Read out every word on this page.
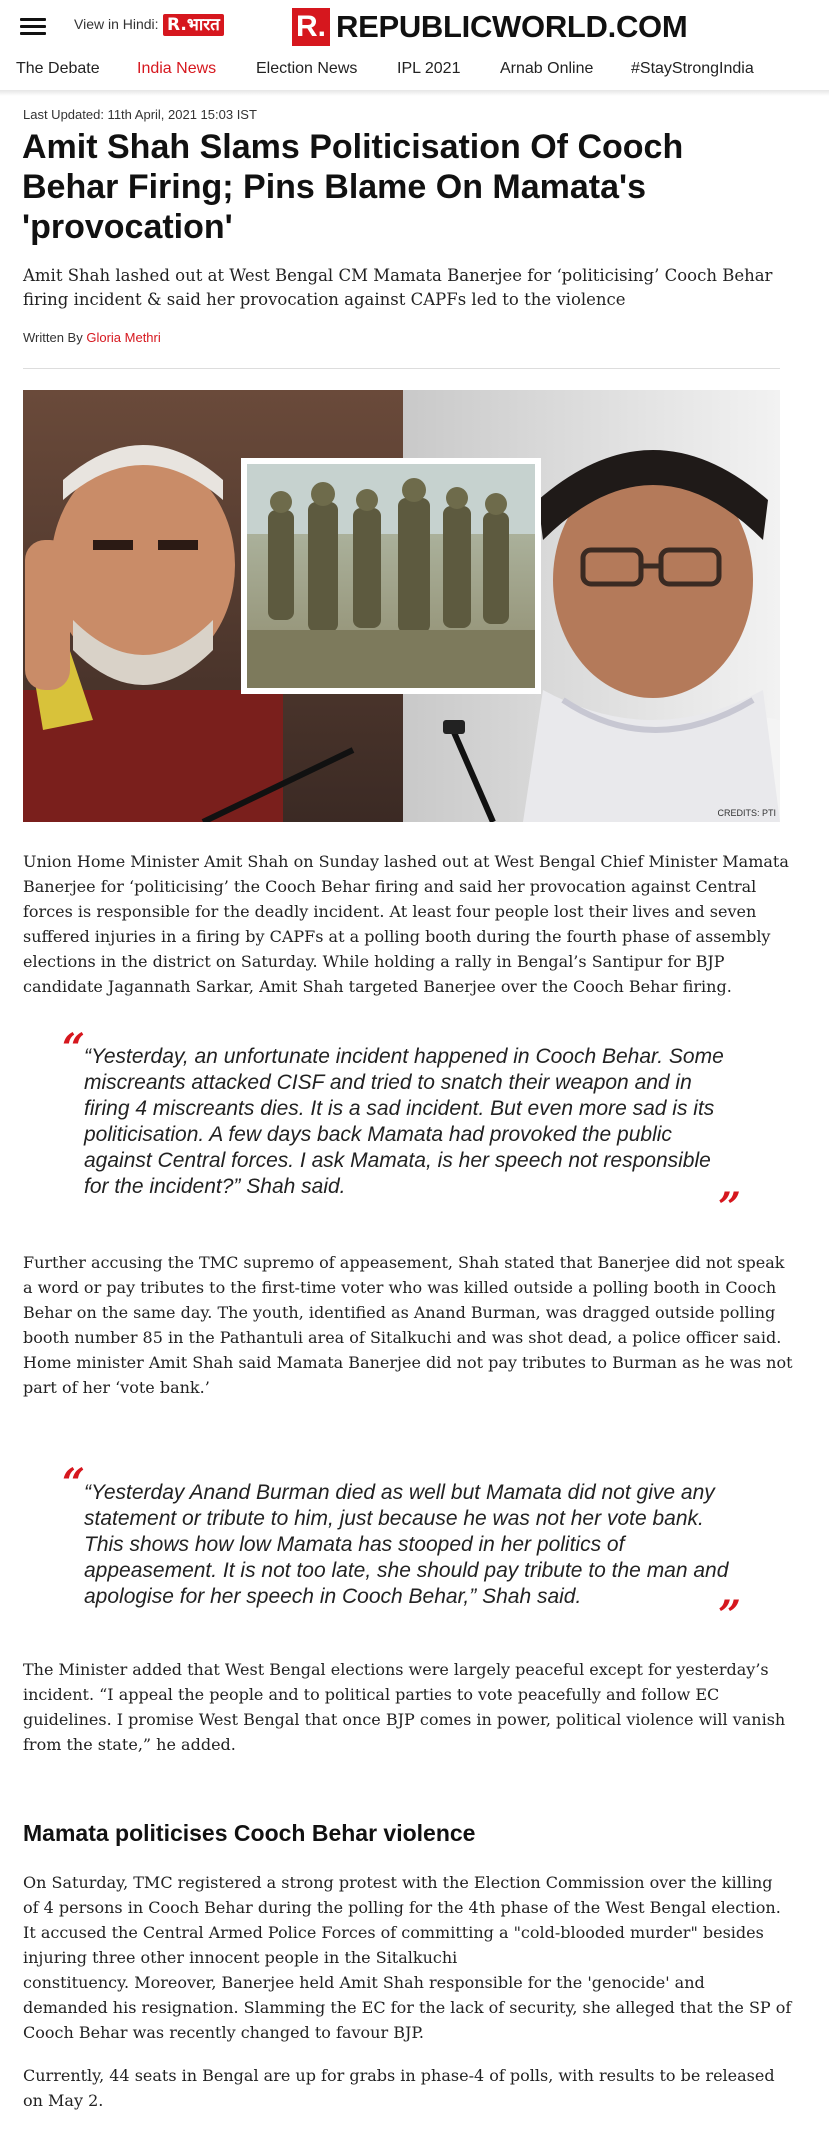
View in Hindi: R.भारत	R. REPUBLICWORLD.COM
The Debate India News Election News IPL 2021 Arnab Online #StayStrongIndia
Last Updated: 11th April, 2021 15:03 IST
Amit Shah Slams Politicisation Of Cooch Behar Firing; Pins Blame On Mamata's 'provocation'
Amit Shah lashed out at West Bengal CM Mamata Banerjee for ‘politicising’ Cooch Behar firing incident & said her provocation against CAPFs led to the violence
Written By Gloria Methri
CREDITS: PTI

Union Home Minister Amit Shah on Sunday lashed out at West Bengal Chief Minister Mamata Banerjee for ‘politicising’ the Cooch Behar firing and said her provocation against Central forces is responsible for the deadly incident. At least four people lost their lives and seven suffered injuries in a firing by CAPFs at a polling booth during the fourth phase of assembly elections in the district on Saturday. While holding a rally in Bengal’s Santipur for BJP candidate Jagannath Sarkar, Amit Shah targeted Banerjee over the Cooch Behar firing.

“
“Yesterday, an unfortunate incident happened in Cooch Behar. Some miscreants attacked CISF and tried to snatch their weapon and in firing 4 miscreants dies. It is a sad incident. But even more sad is its politicisation. A few days back Mamata had provoked the public against Central forces. I ask Mamata, is her speech not responsible for the incident?” Shah said.	”

Further accusing the TMC supremo of appeasement, Shah stated that Banerjee did not speak a word or pay tributes to the first-time voter who was killed outside a polling booth in Cooch Behar on the same day. The youth, identified as Anand Burman, was dragged outside polling booth number 85 in the Pathantuli area of Sitalkuchi and was shot dead, a police officer said. Home minister Amit Shah said Mamata Banerjee did not pay tributes to Burman as he was not part of her ‘vote bank.’

“
“Yesterday Anand Burman died as well but Mamata did not give any statement or tribute to him, just because he was not her vote bank. This shows how low Mamata has stooped in her politics of appeasement. It is not too late, she should pay tribute to the man and apologise for her speech in Cooch Behar,” Shah said.	”

The Minister added that West Bengal elections were largely peaceful except for yesterday’s incident. “I appeal the people and to political parties to vote peacefully and follow EC guidelines. I promise West Bengal that once BJP comes in power, political violence will vanish from the state,” he added.

Mamata politicises Cooch Behar violence

On Saturday, TMC registered a strong protest with the Election Commission over the killing of 4 persons in Cooch Behar during the polling for the 4th phase of the West Bengal election. It accused the Central Armed Police Forces of committing a "cold-blooded murder" besides injuring three other innocent people in the Sitalkuchi

constituency. Moreover, Banerjee held Amit Shah responsible for the 'genocide' and demanded his resignation. Slamming the EC for the lack of security, she alleged that the SP of Cooch Behar was recently changed to favour BJP.

Currently, 44 seats in Bengal are up for grabs in phase-4 of polls, with results to be released on May 2.
